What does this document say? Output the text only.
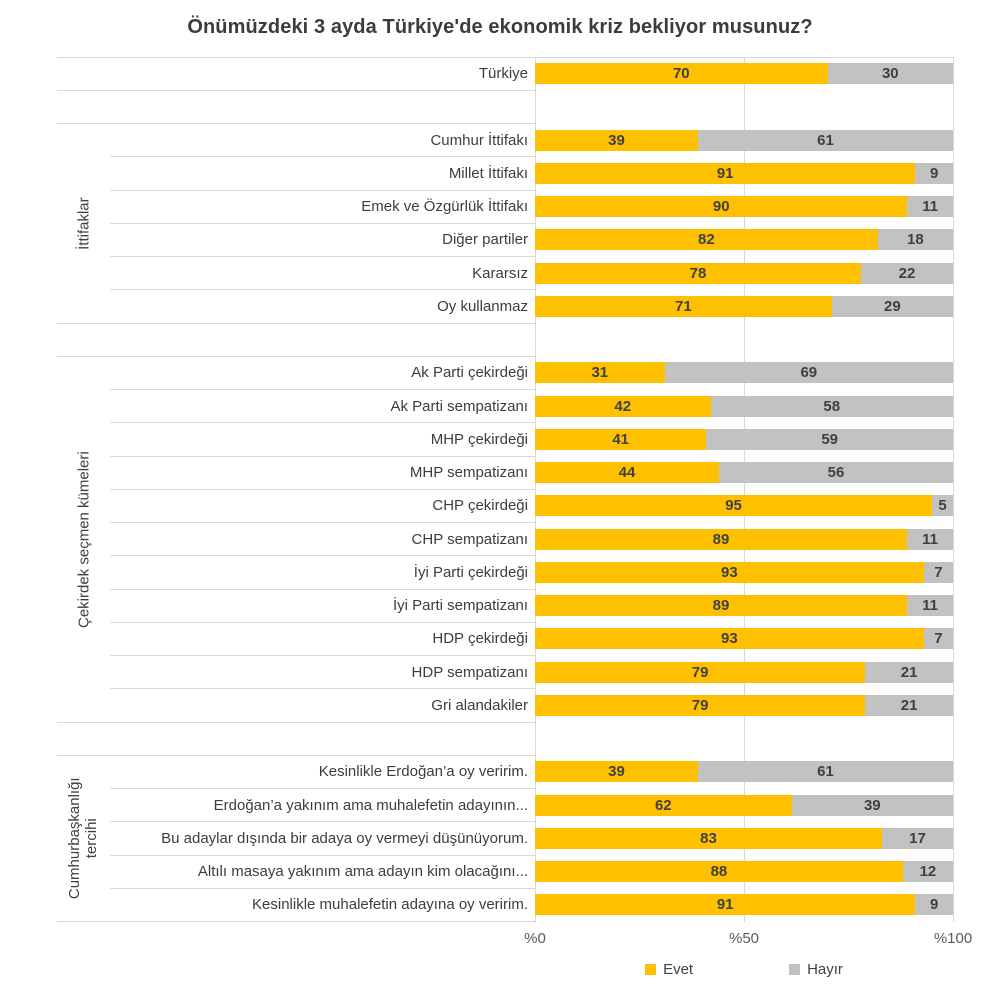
Önümüzdeki 3 ayda Türkiye'de ekonomik kriz bekliyor musunuz?
Türkiye	70	30
Cumhur İttifakı	39	61
Millet İttifakı	91	9
Emek ve Özgürlük İttifakı	90	11
Diğer partiler	82	18
Kararsız	78	22
Oy kullanmaz	71	29
Ak Parti çekirdeği	31	69
Ak Parti sempatizanı	42	58
MHP çekirdeği	41	59
MHP sempatizanı	44	56
CHP çekirdeği	95	5
CHP sempatizanı	89	11
İyi Parti çekirdeği	93	7
İyi Parti sempatizanı	89	11
HDP çekirdeği	93	7
HDP sempatizanı	79	21
Gri alandakiler	79	21
Kesinlikle Erdoğan’a oy veririm.	39	61
Erdoğan’a yakınım ama muhalefetin adayının...	62	39
Bu adaylar dışında bir adaya oy vermeyi düşünüyorum.	83	17
Altılı masaya yakınım ama adayın kim olacağını...	88	12
Kesinlikle muhalefetin adayına oy veririm.	91	9
İttifaklar
Çekirdek seçmen kümeleri
Cumhurbaşkanlığı tercihi
%0	%50	%100
Evet	Hayır
